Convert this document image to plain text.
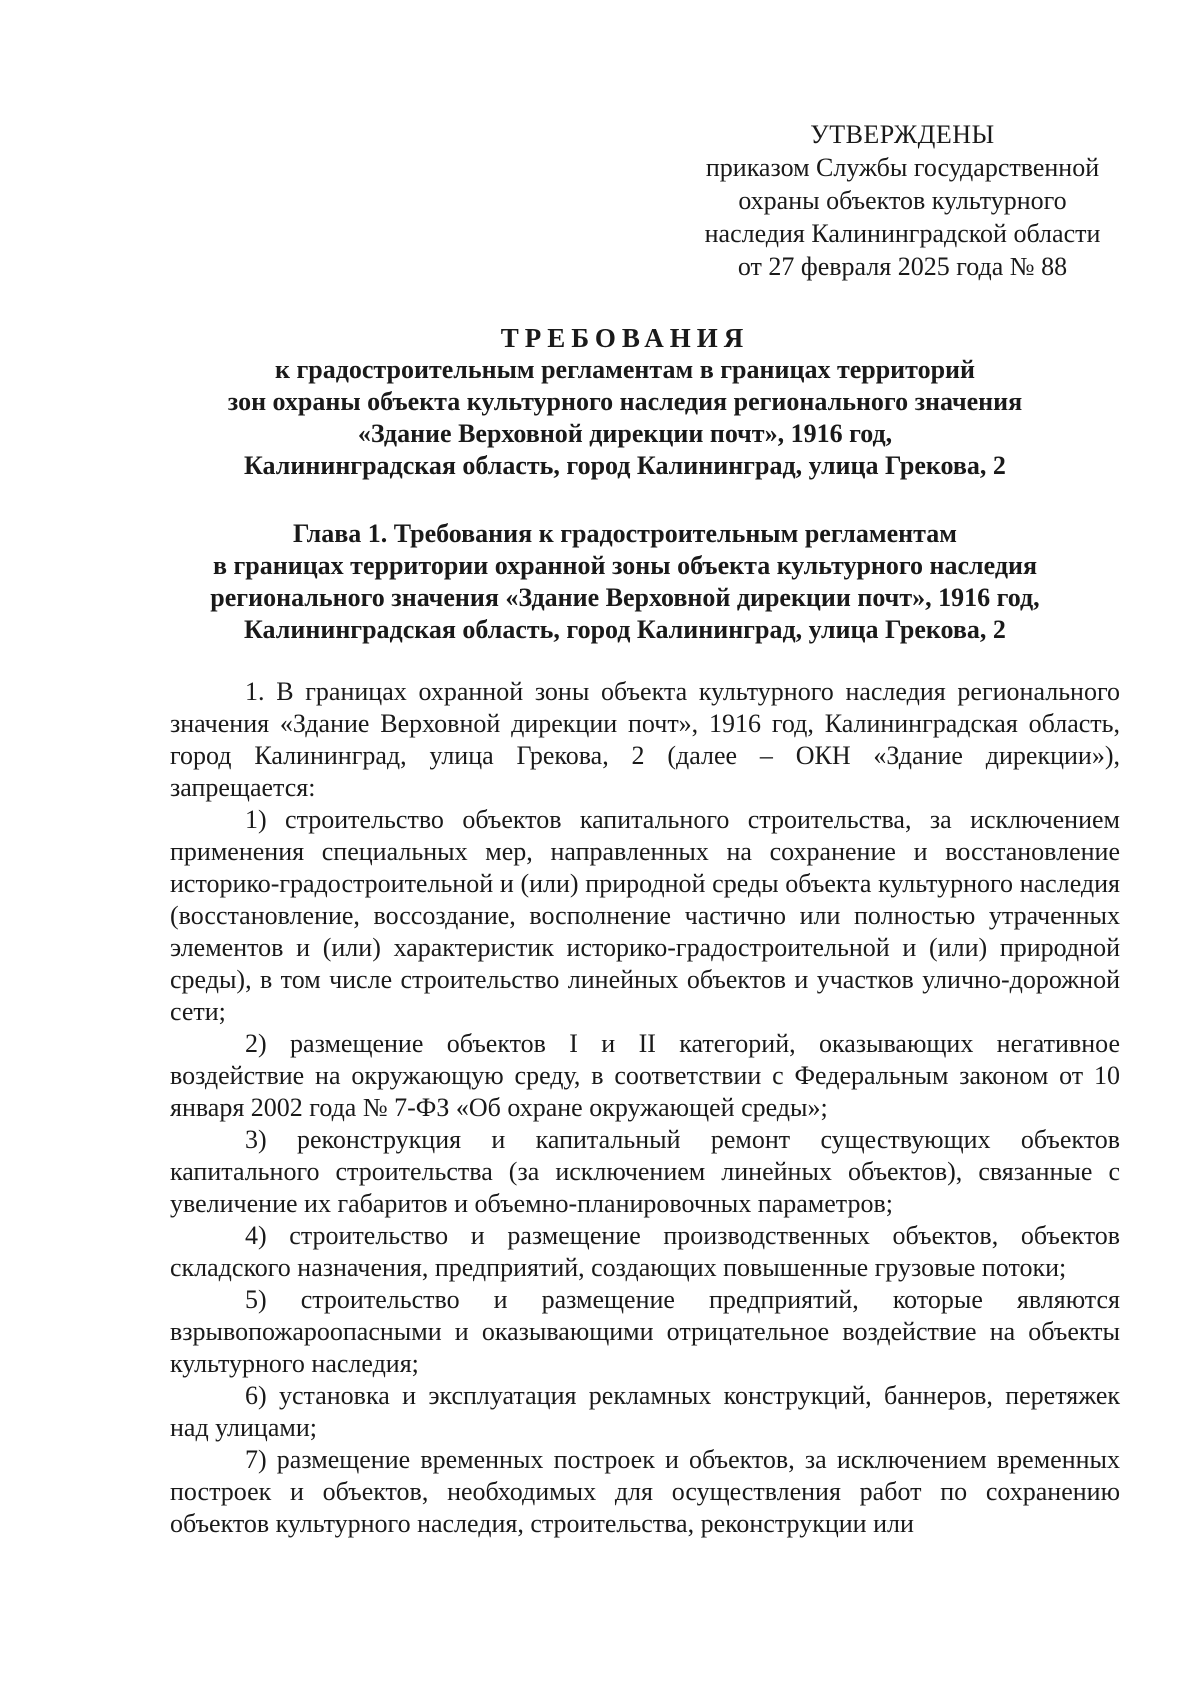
УТВЕРЖДЕНЫ
приказом Службы государственной
охраны объектов культурного
наследия Калининградской области
от 27 февраля 2025 года № 88
ТРЕБОВАНИЯ
к градостроительным регламентам в границах территорий
зон охраны объекта культурного наследия регионального значения
«Здание Верховной дирекции почт», 1916 год,
Калининградская область, город Калининград, улица Грекова, 2
Глава 1. Требования к градостроительным регламентам
в границах территории охранной зоны объекта культурного наследия
регионального значения «Здание Верховной дирекции почт», 1916 год,
Калининградская область, город Калининград, улица Грекова, 2

1. В границах охранной зоны объекта культурного наследия регионального значения «Здание Верховной дирекции почт», 1916 год, Калининградская область, город Калининград, улица Грекова, 2 (далее – ОКН «Здание дирекции»), запрещается:

1) строительство объектов капитального строительства, за исключением применения специальных мер, направленных на сохранение и восстановление историко-градостроительной и (или) природной среды объекта культурного наследия (восстановление, воссоздание, восполнение частично или полностью утраченных элементов и (или) характеристик историко-градостроительной и (или) природной среды), в том числе строительство линейных объектов и участков улично-дорожной сети;

2) размещение объектов I и II категорий, оказывающих негативное воздействие на окружающую среду, в соответствии с Федеральным законом от 10 января 2002 года № 7-ФЗ «Об охране окружающей среды»;

3) реконструкция и капитальный ремонт существующих объектов капитального строительства (за исключением линейных объектов), связанные с увеличение их габаритов и объемно-планировочных параметров;

4) строительство и размещение производственных объектов, объектов складского назначения, предприятий, создающих повышенные грузовые потоки;

5) строительство и размещение предприятий, которые являются взрывопожароопасными и оказывающими отрицательное воздействие на объекты культурного наследия;

6) установка и эксплуатация рекламных конструкций, баннеров, перетяжек над улицами;

7) размещение временных построек и объектов, за исключением временных построек и объектов, необходимых для осуществления работ по сохранению объектов культурного наследия, строительства, реконструкции или
